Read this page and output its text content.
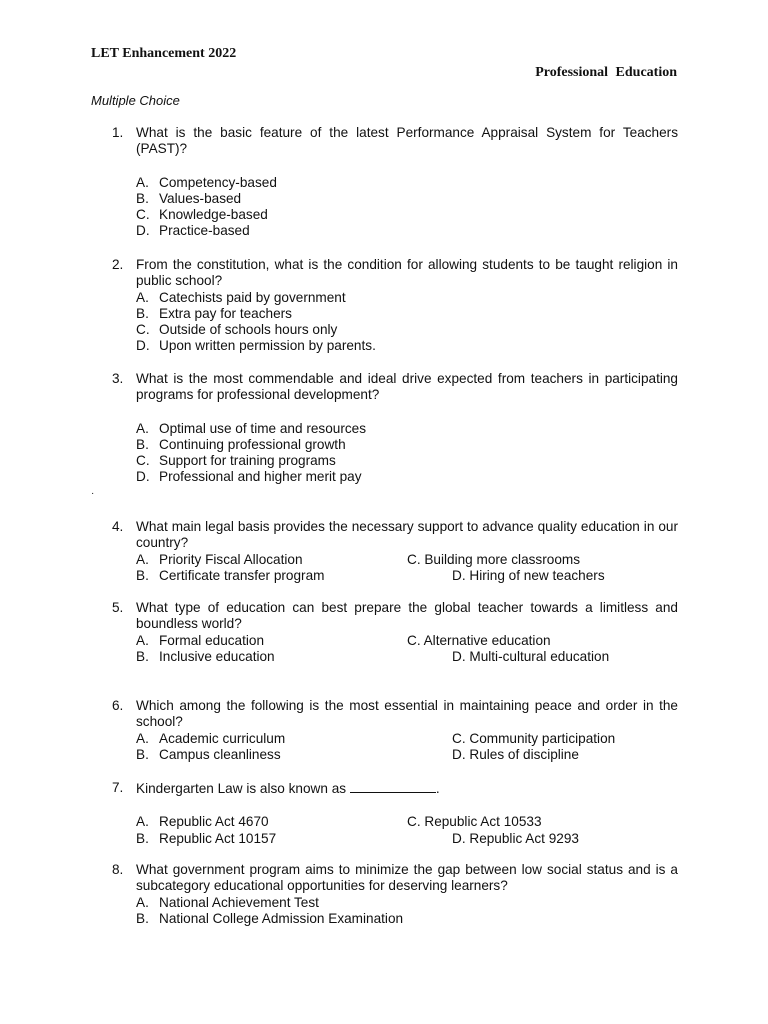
LET Enhancement 2022
Professional Education
Multiple Choice
1. What is the basic feature of the latest Performance Appraisal System for Teachers (PAST)?
A. Competency-based
B. Values-based
C. Knowledge-based
D. Practice-based
2. From the constitution, what is the condition for allowing students to be taught religion in public school?
A. Catechists paid by government
B. Extra pay for teachers
C. Outside of schools hours only
D. Upon written permission by parents.
3. What is the most commendable and ideal drive expected from teachers in participating programs for professional development?
A. Optimal use of time and resources
B. Continuing professional growth
C. Support for training programs
D. Professional and higher merit pay
·
4. What main legal basis provides the necessary support to advance quality education in our country?
A. Priority Fiscal Allocation	C. Building more classrooms
B. Certificate transfer program	D. Hiring of new teachers
5. What type of education can best prepare the global teacher towards a limitless and boundless world?
A. Formal education	C. Alternative education
B. Inclusive education	D. Multi-cultural education
6. Which among the following is the most essential in maintaining peace and order in the school?
A. Academic curriculum	C. Community participation
B. Campus cleanliness	D. Rules of discipline
7. Kindergarten Law is also known as	.
A. Republic Act 4670	C. Republic Act 10533
B. Republic Act 10157	D. Republic Act 9293
8. What government program aims to minimize the gap between low social status and is a subcategory educational opportunities for deserving learners?
A. National Achievement Test
B. National College Admission Examination
